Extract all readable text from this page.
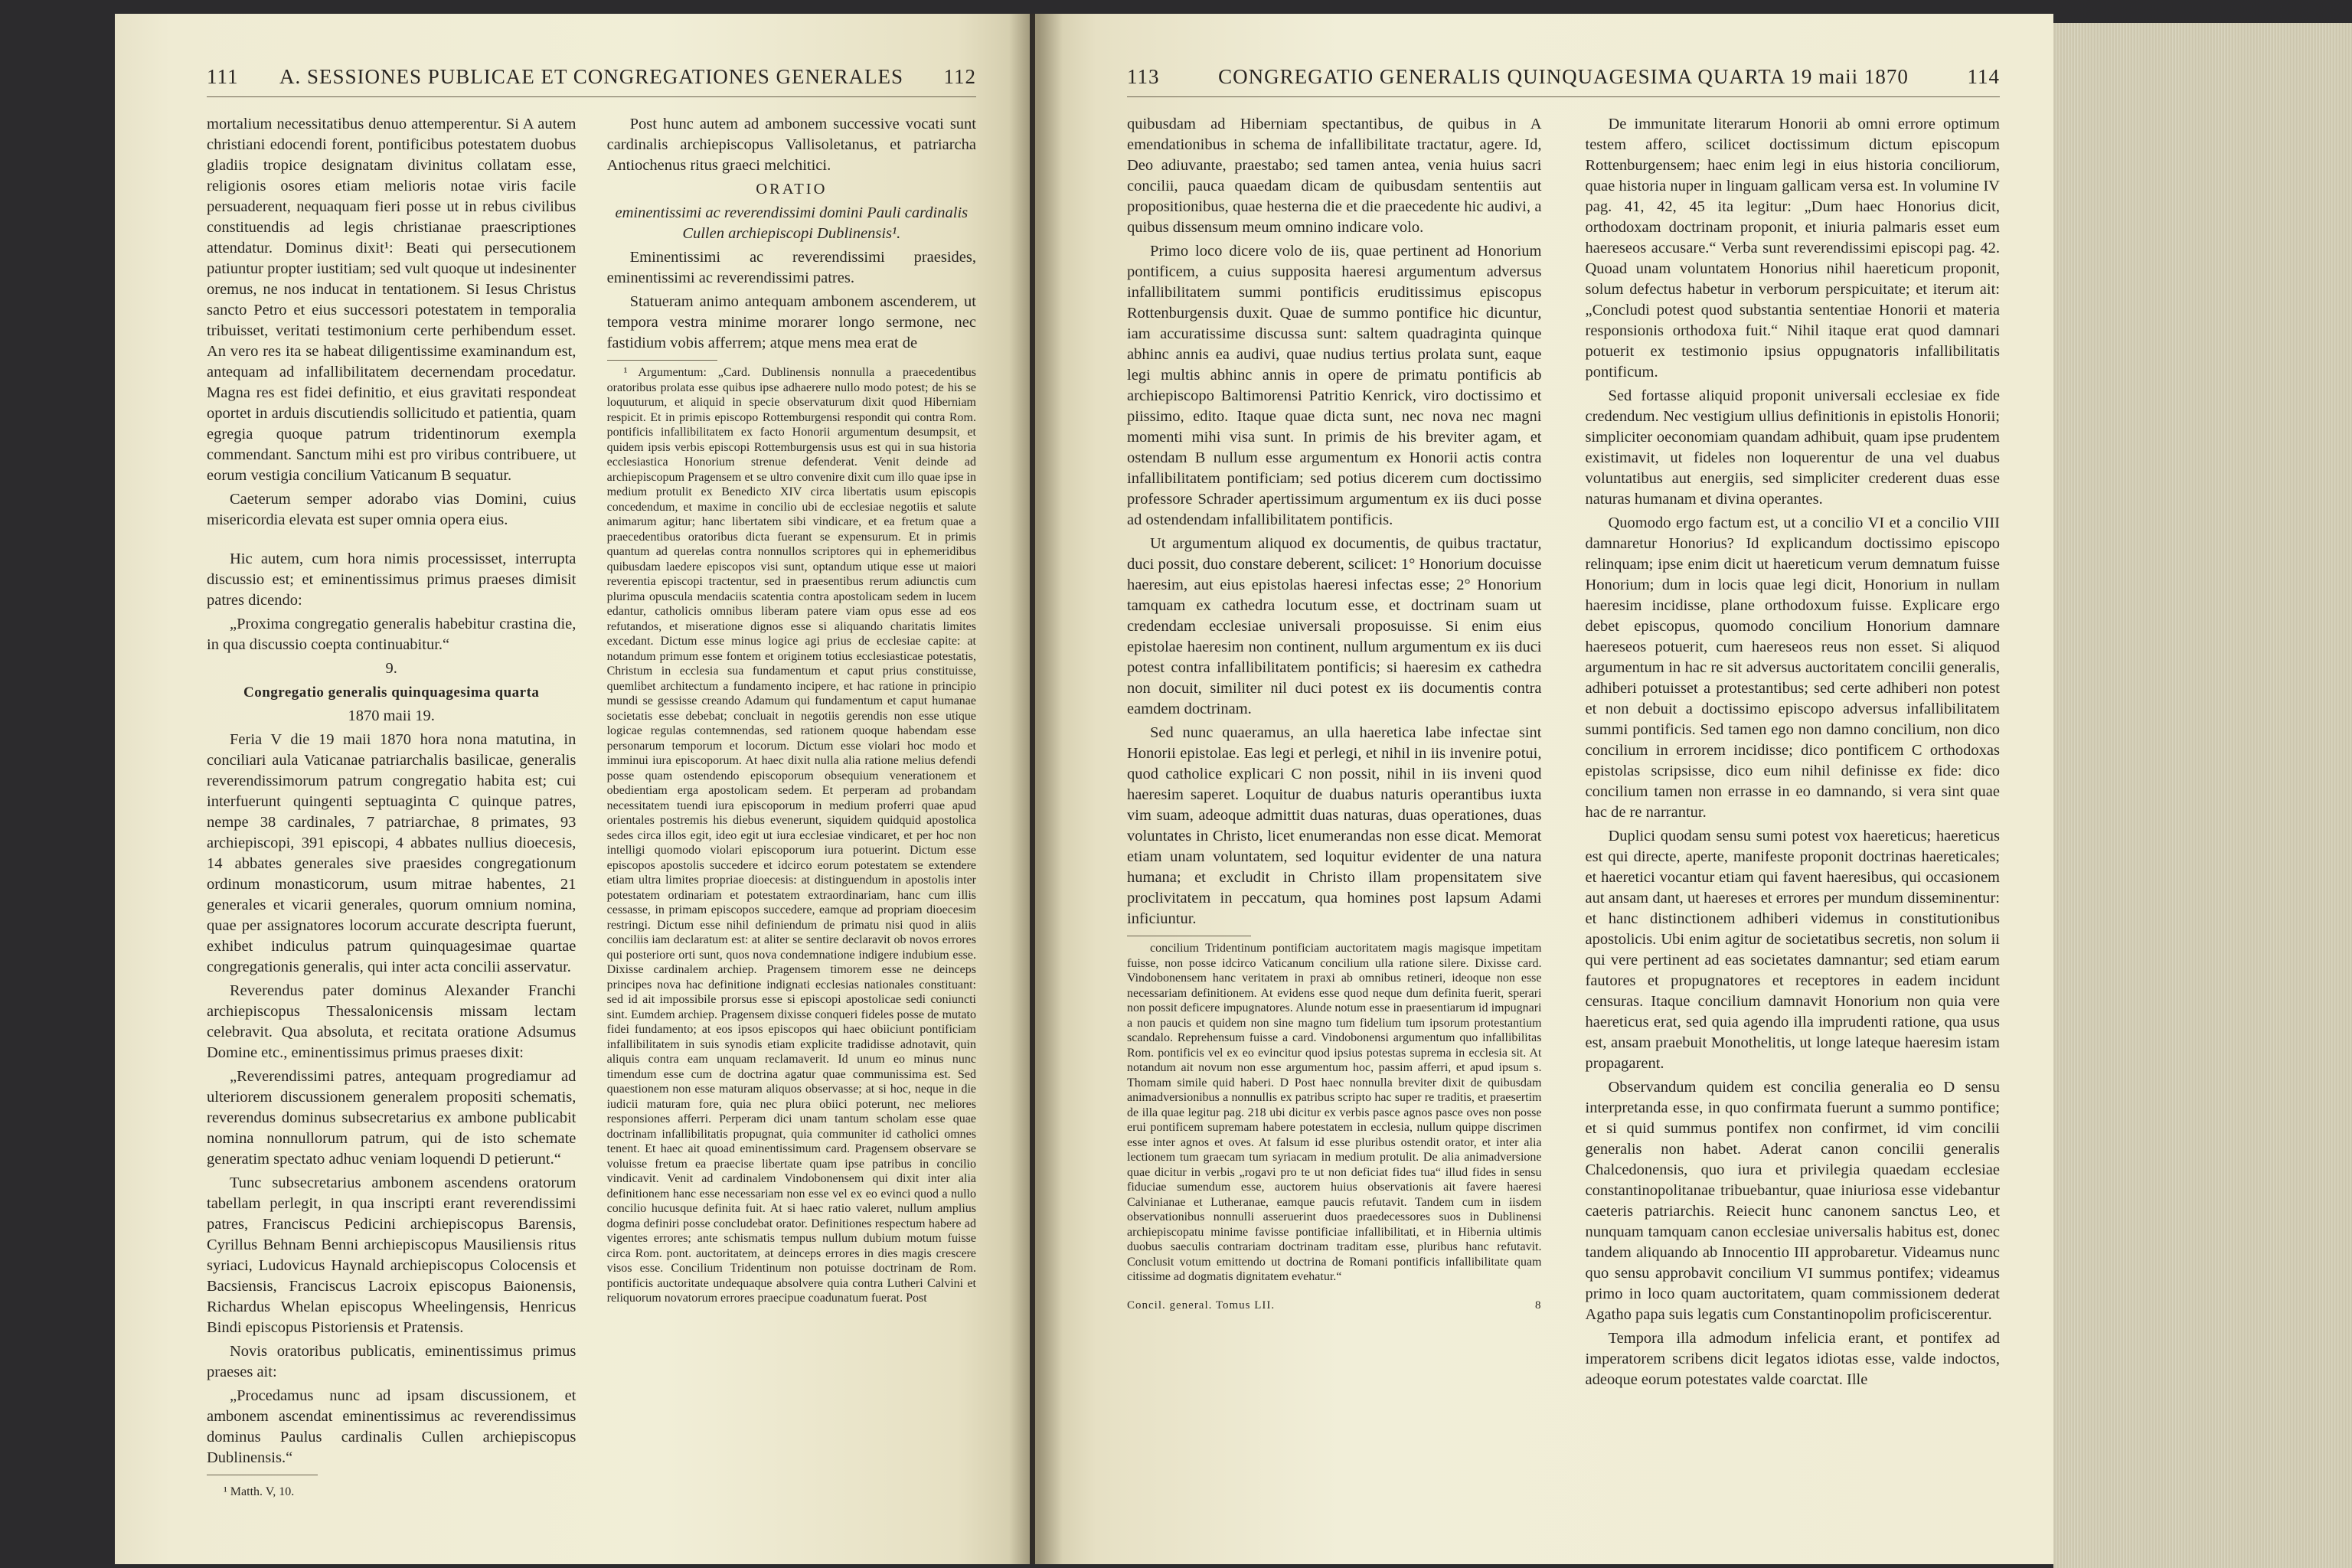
111 A. SESSIONES PUBLICAE ET CONGREGATIONES GENERALES 112

mortalium necessitatibus denuo attemperentur. Si A autem christiani edocendi forent, pontificibus potestatem duobus gladiis tropice designatam divinitus collatam esse, religionis osores etiam melioris notae viris facile persuaderent, nequaquam fieri posse ut in rebus civilibus constituendis ad legis christianae praescriptiones attendatur. Dominus dixit¹: Beati qui persecutionem patiuntur propter iustitiam; sed vult quoque ut indesinenter oremus, ne nos inducat in tentationem. Si Iesus Christus sancto Petro et eius successori potestatem in temporalia tribuisset, veritati testimonium certe perhibendum esset. An vero res ita se habeat diligentissime examinandum est, antequam ad infallibilitatem decernendam procedatur. Magna res est fidei definitio, et eius gravitati respondeat oportet in arduis discutiendis sollicitudo et patientia, quam egregia quoque patrum tridentinorum exempla commendant. Sanctum mihi est pro viribus contribuere, ut eorum vestigia concilium Vaticanum B sequatur.

Caeterum semper adorabo vias Domini, cuius misericordia elevata est super omnia opera eius.

Hic autem, cum hora nimis processisset, interrupta discussio est; et eminentissimus primus praeses dimisit patres dicendo:

„Proxima congregatio generalis habebitur crastina die, in qua discussio coepta continuabitur.“

9.

Congregatio generalis quinquagesima quarta

1870 maii 19.

Feria V die 19 maii 1870 hora nona matutina, in conciliari aula Vaticanae patriarchalis basilicae, generalis reverendissimorum patrum congregatio habita est; cui interfuerunt quingenti septuaginta C quinque patres, nempe 38 cardinales, 7 patriarchae, 8 primates, 93 archiepiscopi, 391 episcopi, 4 abbates nullius dioecesis, 14 abbates generales sive praesides congregationum ordinum monasticorum, usum mitrae habentes, 21 generales et vicarii generales, quorum omnium nomina, quae per assignatores locorum accurate descripta fuerunt, exhibet indiculus patrum quinquagesimae quartae congregationis generalis, qui inter acta concilii asservatur.

Reverendus pater dominus Alexander Franchi archiepiscopus Thessalonicensis missam lectam celebravit. Qua absoluta, et recitata oratione Adsumus Domine etc., eminentissimus primus praeses dixit:

„Reverendissimi patres, antequam progrediamur ad ulteriorem discussionem generalem propositi schematis, reverendus dominus subsecretarius ex ambone publicabit nomina nonnullorum patrum, qui de isto schemate generatim spectato adhuc veniam loquendi D petierunt.“

Tunc subsecretarius ambonem ascendens oratorum tabellam perlegit, in qua inscripti erant reverendissimi patres, Franciscus Pedicini archiepiscopus Barensis, Cyrillus Behnam Benni archiepiscopus Mausiliensis ritus syriaci, Ludovicus Haynald archiepiscopus Colocensis et Bacsiensis, Franciscus Lacroix episcopus Baionensis, Richardus Whelan episcopus Wheelingensis, Henricus Bindi episcopus Pistoriensis et Pratensis.

Novis oratoribus publicatis, eminentissimus primus praeses ait:

„Procedamus nunc ad ipsam discussionem, et ambonem ascendat eminentissimus ac reverendissimus dominus Paulus cardinalis Cullen archiepiscopus Dublinensis.“

¹ Matth. V, 10.

Post hunc autem ad ambonem successive vocati sunt cardinalis archiepiscopus Vallisoletanus, et patriarcha Antiochenus ritus graeci melchitici.

ORATIO

eminentissimi ac reverendissimi domini Pauli cardinalis Cullen archiepiscopi Dublinensis¹.

Eminentissimi ac reverendissimi praesides, eminentissimi ac reverendissimi patres.

Statueram animo antequam ambonem ascenderem, ut tempora vestra minime morarer longo sermone, nec fastidium vobis afferrem; atque mens mea erat de

¹ Argumentum: „Card. Dublinensis nonnulla a praecedentibus oratoribus prolata esse quibus ipse adhaerere nullo modo potest; de his se loquuturum, et aliquid in specie observaturum dixit quod Hiberniam respicit. Et in primis episcopo Rottemburgensi respondit qui contra Rom. pontificis infallibilitatem ex facto Honorii argumentum desumpsit, et quidem ipsis verbis episcopi Rottemburgensis usus est qui in sua historia ecclesiastica Honorium strenue defenderat. Venit deinde ad archiepiscopum Pragensem et se ultro convenire dixit cum illo quae ipse in medium protulit ex Benedicto XIV circa libertatis usum episcopis concedendum, et maxime in concilio ubi de ecclesiae negotiis et salute animarum agitur; hanc libertatem sibi vindicare, et ea fretum quae a praecedentibus oratoribus dicta fuerant se expensurum. Et in primis quantum ad querelas contra nonnullos scriptores qui in ephemeridibus quibusdam laedere episcopos visi sunt, optandum utique esse ut maiori reverentia episcopi tractentur, sed in praesentibus rerum adiunctis cum plurima opuscula mendaciis scatentia contra apostolicam sedem in lucem edantur, catholicis omnibus liberam patere viam opus esse ad eos refutandos, et miseratione dignos esse si aliquando charitatis limites excedant. Dictum esse minus logice agi prius de ecclesiae capite: at notandum primum esse fontem et originem totius ecclesiasticae potestatis, Christum in ecclesia sua fundamentum et caput prius constituisse, quemlibet architectum a fundamento incipere, et hac ratione in principio mundi se gessisse creando Adamum qui fundamentum et caput humanae societatis esse debebat; concluait in negotiis gerendis non esse utique logicae regulas contemnendas, sed rationem quoque habendam esse personarum temporum et locorum. Dictum esse violari hoc modo et imminui iura episcoporum. At haec dixit nulla alia ratione melius defendi posse quam ostendendo episcoporum obsequium venerationem et obedientiam erga apostolicam sedem. Et perperam ad probandam necessitatem tuendi iura episcoporum in medium proferri quae apud orientales postremis his diebus evenerunt, siquidem quidquid apostolica sedes circa illos egit, ideo egit ut iura ecclesiae vindicaret, et per hoc non intelligi quomodo violari episcoporum iura potuerint. Dictum esse episcopos apostolis succedere et idcirco eorum potestatem se extendere etiam ultra limites propriae dioecesis: at distinguendum in apostolis inter potestatem ordinariam et potestatem extraordinariam, hanc cum illis cessasse, in primam episcopos succedere, eamque ad propriam dioecesim restringi. Dictum esse nihil definiendum de primatu nisi quod in aliis conciliis iam declaratum est: at aliter se sentire declaravit ob novos errores qui posteriore orti sunt, quos nova condemnatione indigere indubium esse. Dixisse cardinalem archiep. Pragensem timorem esse ne deinceps principes nova hac definitione indignati ecclesias nationales constituant: sed id ait impossibile prorsus esse si episcopi apostolicae sedi coniuncti sint. Eumdem archiep. Pragensem dixisse conqueri fideles posse de mutato fidei fundamento; at eos ipsos episcopos qui haec obiiciunt pontificiam infallibilitatem in suis synodis etiam explicite tradidisse adnotavit, quin aliquis contra eam unquam reclamaverit. Id unum eo minus nunc timendum esse cum de doctrina agatur quae communissima est. Sed quaestionem non esse maturam aliquos observasse; at si hoc, neque in die iudicii maturam fore, quia nec plura obiici poterunt, nec meliores responsiones afferri. Perperam dici unam tantum scholam esse quae doctrinam infallibilitatis propugnat, quia communiter id catholici omnes tenent. Et haec ait quoad eminentissimum card. Pragensem observare se voluisse fretum ea praecise libertate quam ipse patribus in concilio vindicavit. Venit ad cardinalem Vindobonensem qui dixit inter alia definitionem hanc esse necessariam non esse vel ex eo evinci quod a nullo concilio hucusque definita fuit. At si haec ratio valeret, nullum amplius dogma definiri posse concludebat orator. Definitiones respectum habere ad vigentes errores; ante schismatis tempus nullum dubium motum fuisse circa Rom. pont. auctoritatem, at deinceps errores in dies magis crescere visos esse. Concilium Tridentinum non potuisse doctrinam de Rom. pontificis auctoritate undequaque absolvere quia contra Lutheri Calvini et reliquorum novatorum errores praecipue coadunatum fuerat. Post

113	CONGREGATIO GENERALIS QUINQUAGESIMA QUARTA 19 maii 1870	114

quibusdam ad Hiberniam spectantibus, de quibus in A emendationibus in schema de infallibilitate tractatur, agere. Id, Deo adiuvante, praestabo; sed tamen antea, venia huius sacri concilii, pauca quaedam dicam de quibusdam sententiis aut propositionibus, quae hesterna die et die praecedente hic audivi, a quibus dissensum meum omnino indicare volo.

Primo loco dicere volo de iis, quae pertinent ad Honorium pontificem, a cuius supposita haeresi argumentum adversus infallibilitatem summi pontificis eruditissimus episcopus Rottenburgensis duxit. Quae de summo pontifice hic dicuntur, iam accuratissime discussa sunt: saltem quadraginta quinque abhinc annis ea audivi, quae nudius tertius prolata sunt, eaque legi multis abhinc annis in opere de primatu pontificis ab archiepiscopo Baltimorensi Patritio Kenrick, viro doctissimo et piissimo, edito. Itaque quae dicta sunt, nec nova nec magni momenti mihi visa sunt. In primis de his breviter agam, et ostendam B nullum esse argumentum ex Honorii actis contra infallibilitatem pontificiam; sed potius dicerem cum doctissimo professore Schrader apertissimum argumentum ex iis duci posse ad ostendendam infallibilitatem pontificis.

Ut argumentum aliquod ex documentis, de quibus tractatur, duci possit, duo constare deberent, scilicet: 1° Honorium docuisse haeresim, aut eius epistolas haeresi infectas esse; 2° Honorium tamquam ex cathedra locutum esse, et doctrinam suam ut credendam ecclesiae universali proposuisse. Si enim eius epistolae haeresim non continent, nullum argumentum ex iis duci potest contra infallibilitatem pontificis; si haeresim ex cathedra non docuit, similiter nil duci potest ex iis documentis contra eamdem doctrinam.

Sed nunc quaeramus, an ulla haeretica labe infectae sint Honorii epistolae. Eas legi et perlegi, et nihil in iis invenire potui, quod catholice explicari C non possit, nihil in iis inveni quod haeresim saperet. Loquitur de duabus naturis operantibus iuxta vim suam, adeoque admittit duas naturas, duas operationes, duas voluntates in Christo, licet enumerandas non esse dicat. Memorat etiam unam voluntatem, sed loquitur evidenter de una natura humana; et excludit in Christo illam propensitatem sive proclivitatem in peccatum, qua homines post lapsum Adami inficiuntur.

concilium Tridentinum pontificiam auctoritatem magis magisque impetitam fuisse, non posse idcirco Vaticanum concilium ulla ratione silere. Dixisse card. Vindobonensem hanc veritatem in praxi ab omnibus retineri, ideoque non esse necessariam definitionem. At evidens esse quod neque dum definita fuerit, sperari non possit deficere impugnatores. Alunde notum esse in praesentiarum id impugnari a non paucis et quidem non sine magno tum fidelium tum ipsorum protestantium scandalo. Reprehensum fuisse a card. Vindobonensi argumentum quo infallibilitas Rom. pontificis vel ex eo evincitur quod ipsius potestas suprema in ecclesia sit. At notandum ait novum non esse argumentum hoc, passim afferri, et apud ipsum s. Thomam simile quid haberi. D Post haec nonnulla breviter dixit de quibusdam animadversionibus a nonnullis ex patribus scripto hac super re traditis, et praesertim de illa quae legitur pag. 218 ubi dicitur ex verbis pasce agnos pasce oves non posse erui pontificem supremam habere potestatem in ecclesia, nullum quippe discrimen esse inter agnos et oves. At falsum id esse pluribus ostendit orator, et inter alia lectionem tum graecam tum syriacam in medium protulit. De alia animadversione quae dicitur in verbis „rogavi pro te ut non deficiat fides tua“ illud fides in sensu fiduciae sumendum esse, auctorem huius observationis ait favere haeresi Calvinianae et Lutheranae, eamque paucis refutavit. Tandem cum in iisdem observationibus nonnulli asseruerint duos praedecessores suos in Dublinensi archiepiscopatu minime favisse pontificiae infallibilitati, et in Hibernia ultimis duobus saeculis contrariam doctrinam traditam esse, pluribus hanc refutavit. Conclusit votum emittendo ut doctrina de Romani pontificis infallibilitate quam citissime ad dogmatis dignitatem evehatur.“

Concil. general. Tomus LII.	8

De immunitate literarum Honorii ab omni errore optimum testem affero, scilicet doctissimum dictum episcopum Rottenburgensem; haec enim legi in eius historia conciliorum, quae historia nuper in linguam gallicam versa est. In volumine IV pag. 41, 42, 45 ita legitur: „Dum haec Honorius dicit, orthodoxam doctrinam proponit, et iniuria palmaris esset eum haereseos accusare.“ Verba sunt reverendissimi episcopi pag. 42. Quoad unam voluntatem Honorius nihil haereticum proponit, solum defectus habetur in verborum perspicuitate; et iterum ait: „Concludi potest quod substantia sententiae Honorii et materia responsionis orthodoxa fuit.“ Nihil itaque erat quod damnari potuerit ex testimonio ipsius oppugnatoris infallibilitatis pontificum.

Sed fortasse aliquid proponit universali ecclesiae ex fide credendum. Nec vestigium ullius definitionis in epistolis Honorii; simpliciter oeconomiam quandam adhibuit, quam ipse prudentem existimavit, ut fideles non loquerentur de una vel duabus voluntatibus aut energiis, sed simpliciter crederent duas esse naturas humanam et divina operantes.

Quomodo ergo factum est, ut a concilio VI et a concilio VIII damnaretur Honorius? Id explicandum doctissimo episcopo relinquam; ipse enim dicit ut haereticum verum demnatum fuisse Honorium; dum in locis quae legi dicit, Honorium in nullam haeresim incidisse, plane orthodoxum fuisse. Explicare ergo debet episcopus, quomodo concilium Honorium damnare haereseos potuerit, cum haereseos reus non esset. Si aliquod argumentum in hac re sit adversus auctoritatem concilii generalis, adhiberi potuisset a protestantibus; sed certe adhiberi non potest et non debuit a doctissimo episcopo adversus infallibilitatem summi pontificis. Sed tamen ego non damno concilium, non dico concilium in errorem incidisse; dico pontificem C orthodoxas epistolas scripsisse, dico eum nihil definisse ex fide: dico concilium tamen non errasse in eo damnando, si vera sint quae hac de re narrantur.

Duplici quodam sensu sumi potest vox haereticus; haereticus est qui directe, aperte, manifeste proponit doctrinas haereticales; et haeretici vocantur etiam qui favent haeresibus, qui occasionem aut ansam dant, ut haereses et errores per mundum disseminentur: et hanc distinctionem adhiberi videmus in constitutionibus apostolicis. Ubi enim agitur de societatibus secretis, non solum ii qui vere pertinent ad eas societates damnantur; sed etiam earum fautores et propugnatores et receptores in eadem incidunt censuras. Itaque concilium damnavit Honorium non quia vere haereticus erat, sed quia agendo illa imprudenti ratione, qua usus est, ansam praebuit Monothelitis, ut longe lateque haeresim istam propagarent.

Observandum quidem est concilia generalia eo D sensu interpretanda esse, in quo confirmata fuerunt a summo pontifice; et si quid summus pontifex non confirmet, id vim concilii generalis non habet. Aderat canon concilii generalis Chalcedonensis, quo iura et privilegia quaedam ecclesiae constantinopolitanae tribuebantur, quae iniuriosa esse videbantur caeteris patriarchis. Reiecit hunc canonem sanctus Leo, et nunquam tamquam canon ecclesiae universalis habitus est, donec tandem aliquando ab Innocentio III approbaretur. Videamus nunc quo sensu approbavit concilium VI summus pontifex; videamus primo in loco quam auctoritatem, quam commissionem dederat Agatho papa suis legatis cum Constantinopolim proficiscerentur.

Tempora illa admodum infelicia erant, et pontifex ad imperatorem scribens dicit legatos idiotas esse, valde indoctos, adeoque eorum potestates valde coarctat. Ille
